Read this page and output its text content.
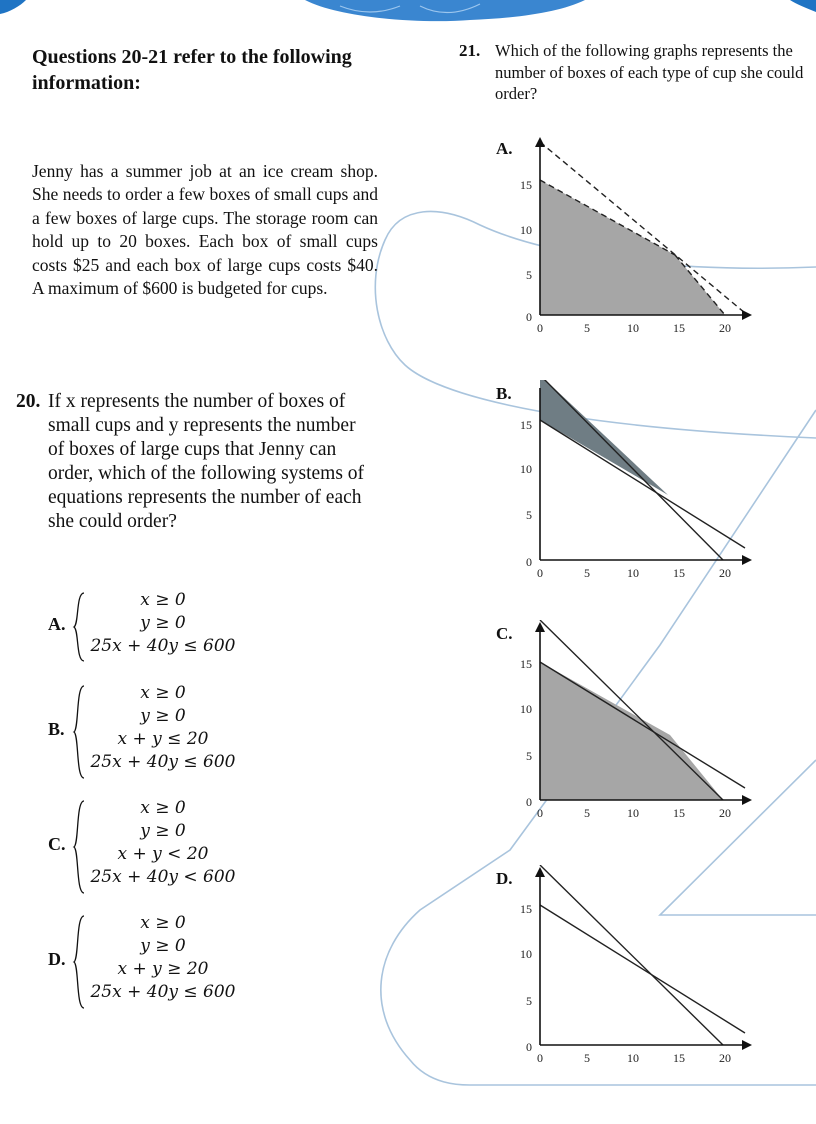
Questions 20-21 refer to the following information:
Jenny has a summer job at an ice cream shop. She needs to order a few boxes of small cups and a few boxes of large cups. The storage room can hold up to 20 boxes. Each box of small cups costs $25 and each box of large cups costs $40. A maximum of $600 is budgeted for cups.
20. If x represents the number of boxes of small cups and y represents the number of boxes of large cups that Jenny can order, which of the following systems of equations represents the number of each she could order?
A.
x ≥ 0
y ≥ 0
25x + 40y ≤ 600
B.
x ≥ 0
y ≥ 0
x + y ≤ 20
25x + 40y ≤ 600
C.
x ≥ 0
y ≥ 0
x + y < 20
25x + 40y < 600
D.
x ≥ 0
y ≥ 0
x + y ≥ 20
25x + 40y ≤ 600
21. Which of the following graphs represents the number of boxes of each type of cup she could order?
A.
0	5	10	15	20
0
5
10
15
B.
0	5	10	15	20
0
5
10
15
C.
0	5	10	15	20
0
5
10
15
D.
0	5	10	15	20
0
5
10
15
